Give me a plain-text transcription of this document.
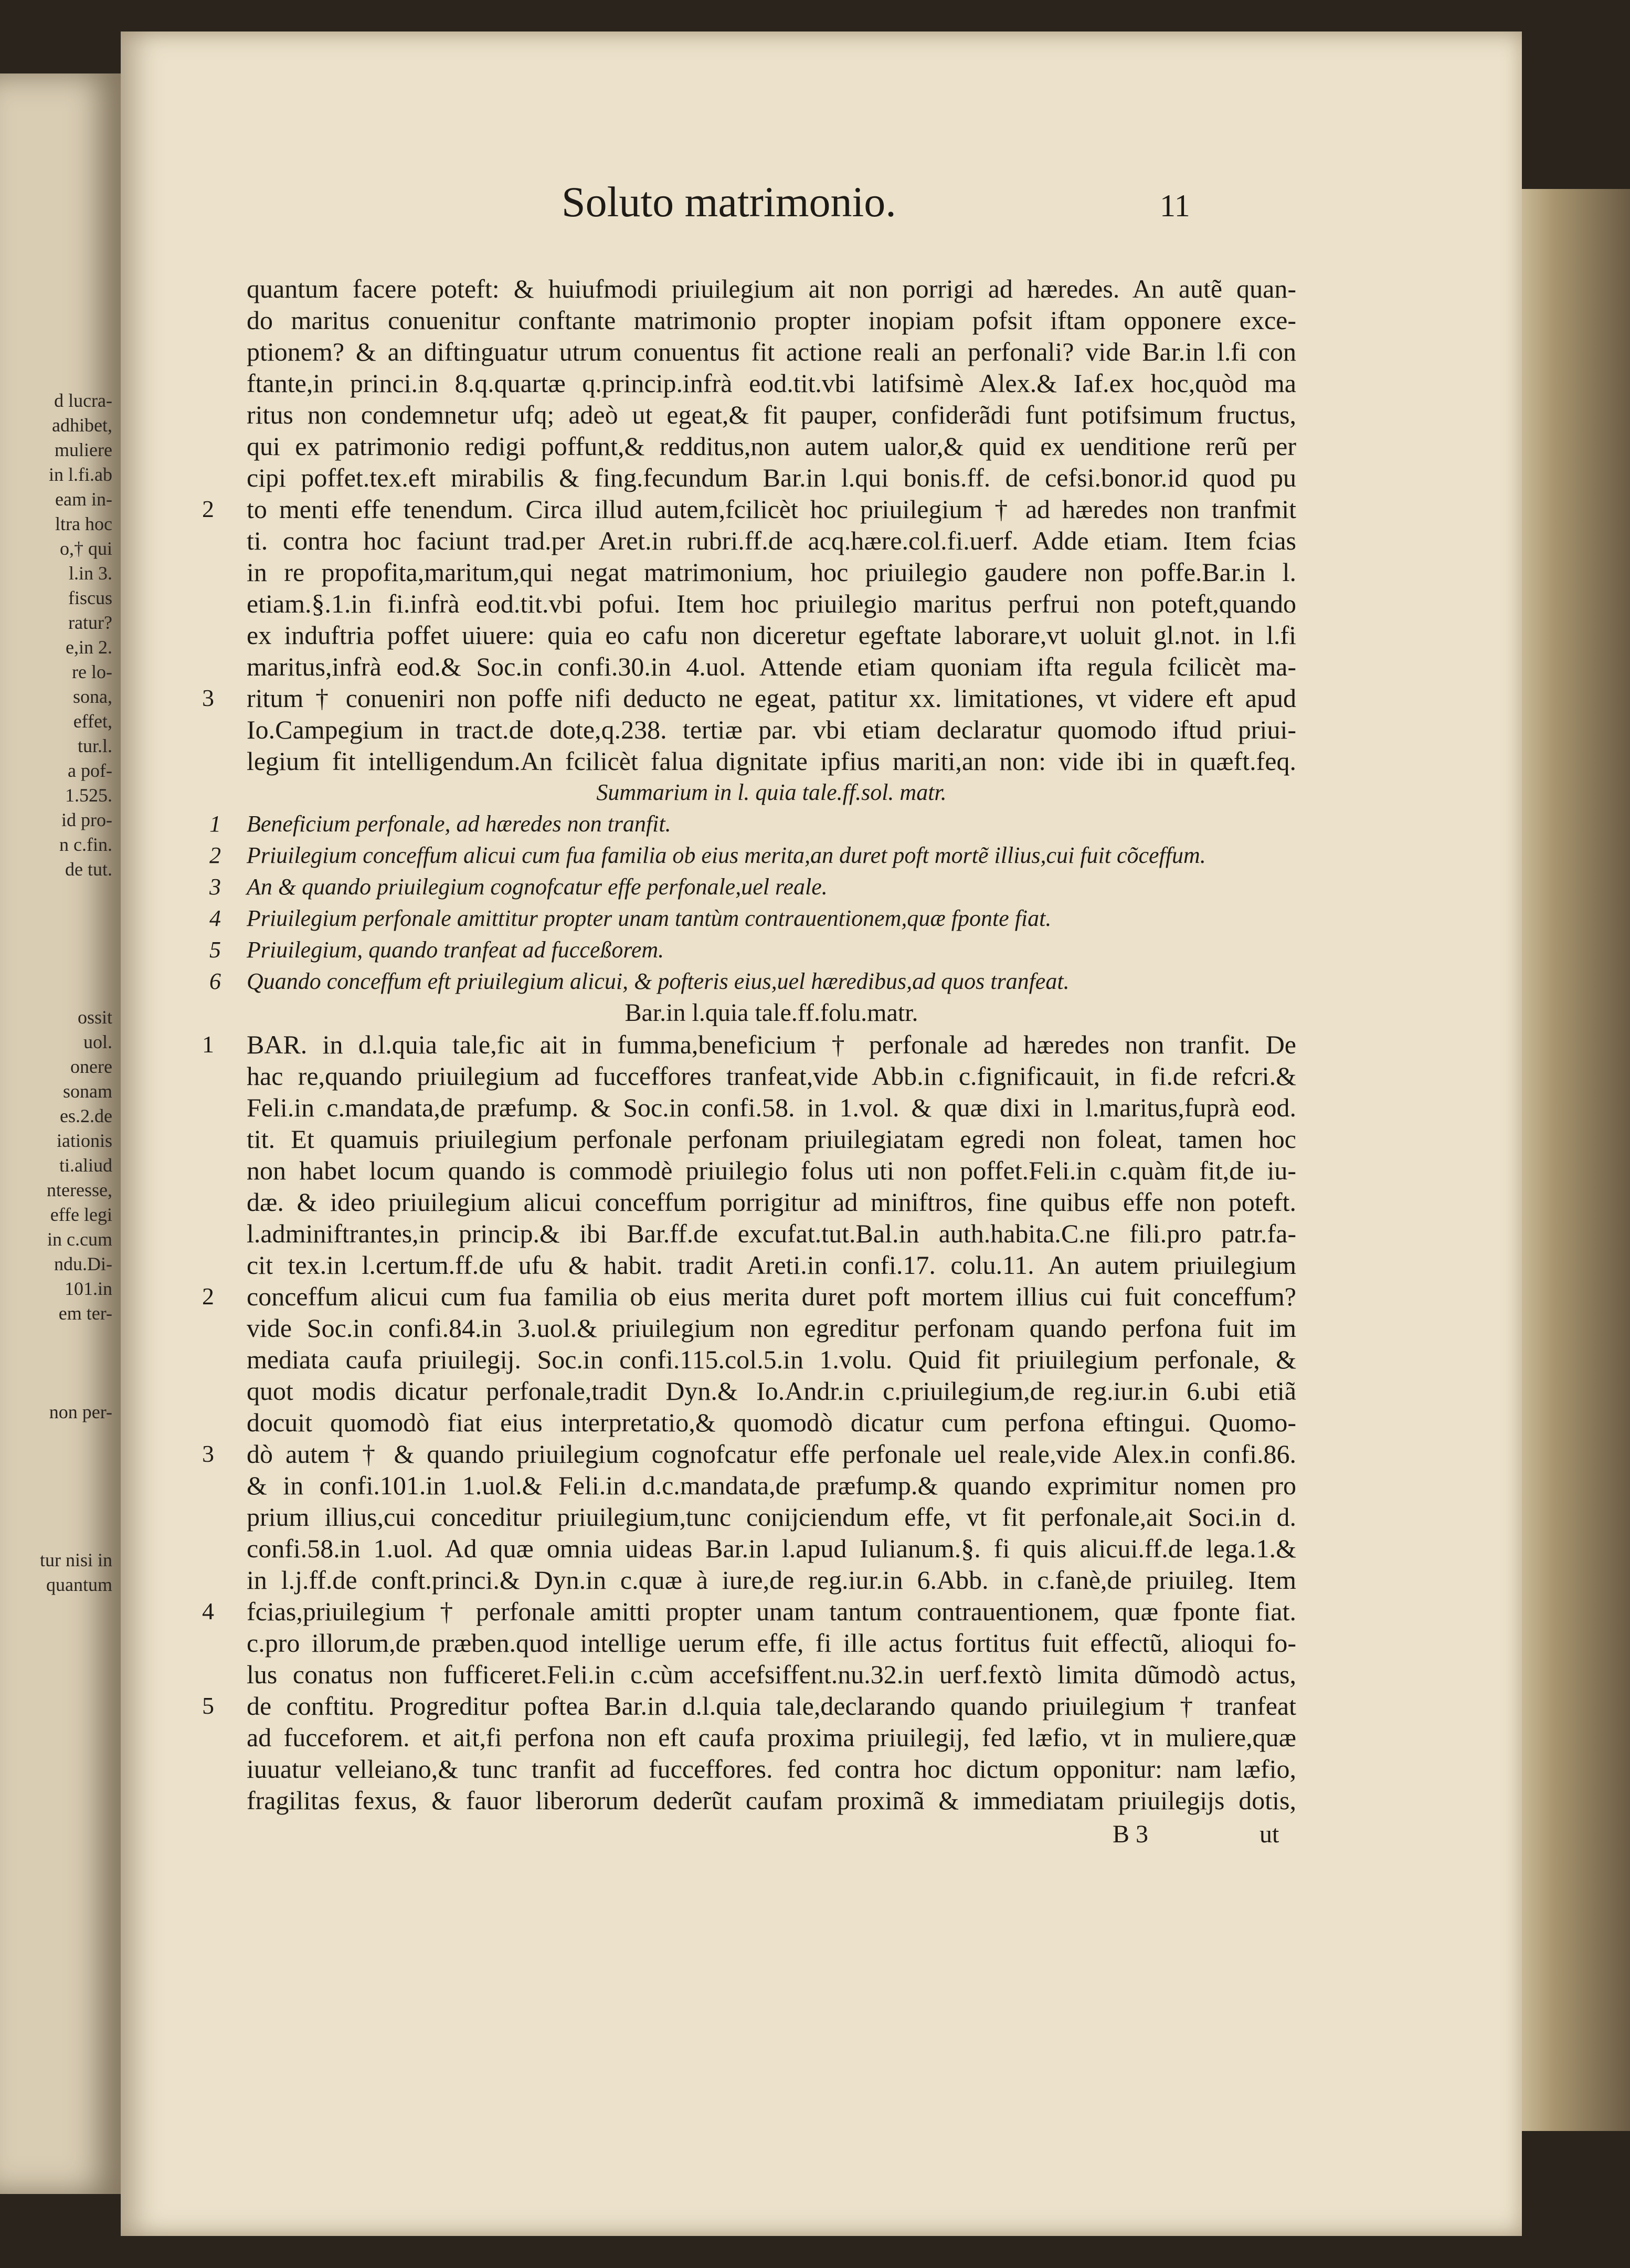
d lucra-
adhibet,
muliere
in l.fi.ab
eam in-
ltra hoc
o,† qui
l.in 3.
fiscus
ratur?
e,in 2.
re lo-
sona,
effet,
tur.l.
a pof-
1.525.
id pro-
n c.fin.
de tut.
ossit
uol.
onere
sonam
es.2.de
iationis
ti.aliud
nteresse,
effe legi
in c.cum
ndu.Di-
101.in
em ter-
non per-
tur nisi in
quantum
Soluto matrimonio.	11
quantum facere poteft: & huiufmodi priuilegium ait non porrigi ad hæredes. An autẽ quan-
do maritus conuenitur conftante matrimonio propter inopiam pofsit iftam opponere exce-
ptionem? & an diftinguatur utrum conuentus fit actione reali an perfonali? vide Bar.in l.fi con
ftante,in princi.in 8.q.quartæ q.princip.infrà eod.tit.vbi latifsimè Alex.& Iaf.ex hoc,quòd ma
ritus non condemnetur ufq; adeò ut egeat,& fit pauper, confiderãdi funt potifsimum fructus,
qui ex patrimonio redigi poffunt,& redditus,non autem ualor,& quid ex uenditione rerũ per
cipi poffet.tex.eft mirabilis & fing.fecundum Bar.in l.qui bonis.ff. de cefsi.bonor.id quod pu
2	to menti effe tenendum. Circa illud autem,fcilicèt hoc priuilegium † ad hæredes non tranfmit
ti. contra hoc faciunt trad.per Aret.in rubri.ff.de acq.hære.col.fi.uerf. Adde etiam. Item fcias
in re propofita,maritum,qui negat matrimonium, hoc priuilegio gaudere non poffe.Bar.in l.
etiam.§.1.in fi.infrà eod.tit.vbi pofui. Item hoc priuilegio maritus perfrui non poteft,quando
ex induftria poffet uiuere: quia eo cafu non diceretur egeftate laborare,vt uoluit gl.not. in l.fi
maritus,infrà eod.& Soc.in confi.30.in 4.uol. Attende etiam quoniam ifta regula fcilicèt ma-
3	ritum † conueniri non poffe nifi deducto ne egeat, patitur xx. limitationes, vt videre eft apud
Io.Campegium in tract.de dote,q.238. tertiæ par. vbi etiam declaratur quomodo iftud priui-
legium fit intelligendum.An fcilicèt falua dignitate ipfius mariti,an non: vide ibi in quæft.feq.
Summarium in l. quia tale.ff.sol. matr.
1	Beneficium perfonale, ad hæredes non tranfit.
2	Priuilegium conceffum alicui cum fua familia ob eius merita,an duret poft mortẽ illius,cui fuit cõceffum.
3	An & quando priuilegium cognofcatur effe perfonale,uel reale.
4	Priuilegium perfonale amittitur propter unam tantùm contrauentionem,quæ fponte fiat.
5	Priuilegium, quando tranfeat ad fucceßorem.
6	Quando conceffum eft priuilegium alicui, & pofteris eius,uel hæredibus,ad quos tranfeat.
Bar.in l.quia tale.ff.folu.matr.
1	BAR. in d.l.quia tale,fic ait in fumma,beneficium † perfonale ad hæredes non tranfit. De
hac re,quando priuilegium ad fucceffores tranfeat,vide Abb.in c.fignificauit, in fi.de refcri.&
Feli.in c.mandata,de præfump. & Soc.in confi.58. in 1.vol. & quæ dixi in l.maritus,fuprà eod.
tit. Et quamuis priuilegium perfonale perfonam priuilegiatam egredi non foleat, tamen hoc
non habet locum quando is commodè priuilegio folus uti non poffet.Feli.in c.quàm fit,de iu-
dæ. & ideo priuilegium alicui conceffum porrigitur ad miniftros, fine quibus effe non poteft.
l.adminiftrantes,in princip.& ibi Bar.ff.de excufat.tut.Bal.in auth.habita.C.ne fili.pro patr.fa-
cit tex.in l.certum.ff.de ufu & habit. tradit Areti.in confi.17. colu.11. An autem priuilegium
2	conceffum alicui cum fua familia ob eius merita duret poft mortem illius cui fuit conceffum?
vide Soc.in confi.84.in 3.uol.& priuilegium non egreditur perfonam quando perfona fuit im
mediata caufa priuilegij. Soc.in confi.115.col.5.in 1.volu. Quid fit priuilegium perfonale, &
quot modis dicatur perfonale,tradit Dyn.& Io.Andr.in c.priuilegium,de reg.iur.in 6.ubi etiã
docuit quomodò fiat eius interpretatio,& quomodò dicatur cum perfona eftingui. Quomo-
3	dò autem † & quando priuilegium cognofcatur effe perfonale uel reale,vide Alex.in confi.86.
& in confi.101.in 1.uol.& Feli.in d.c.mandata,de præfump.& quando exprimitur nomen pro
prium illius,cui conceditur priuilegium,tunc conijciendum effe, vt fit perfonale,ait Soci.in d.
confi.58.in 1.uol. Ad quæ omnia uideas Bar.in l.apud Iulianum.§. fi quis alicui.ff.de lega.1.&
in l.j.ff.de conft.princi.& Dyn.in c.quæ à iure,de reg.iur.in 6.Abb. in c.fanè,de priuileg. Item
4	fcias,priuilegium † perfonale amitti propter unam tantum contrauentionem, quæ fponte fiat.
c.pro illorum,de præben.quod intellige uerum effe, fi ille actus fortitus fuit effectũ, alioqui fo-
lus conatus non fufficeret.Feli.in c.cùm accefsiffent.nu.32.in uerf.fextò limita dũmodò actus,
5	de conftitu. Progreditur poftea Bar.in d.l.quia tale,declarando quando priuilegium † tranfeat
ad fucceforem. et ait,fi perfona non eft caufa proxima priuilegij, fed læfio, vt in muliere,quæ
iuuatur velleiano,& tunc tranfit ad fucceffores. fed contra hoc dictum opponitur: nam læfio,
fragilitas fexus, & fauor liberorum dederũt caufam proximã & immediatam priuilegijs dotis,
B 3	ut
